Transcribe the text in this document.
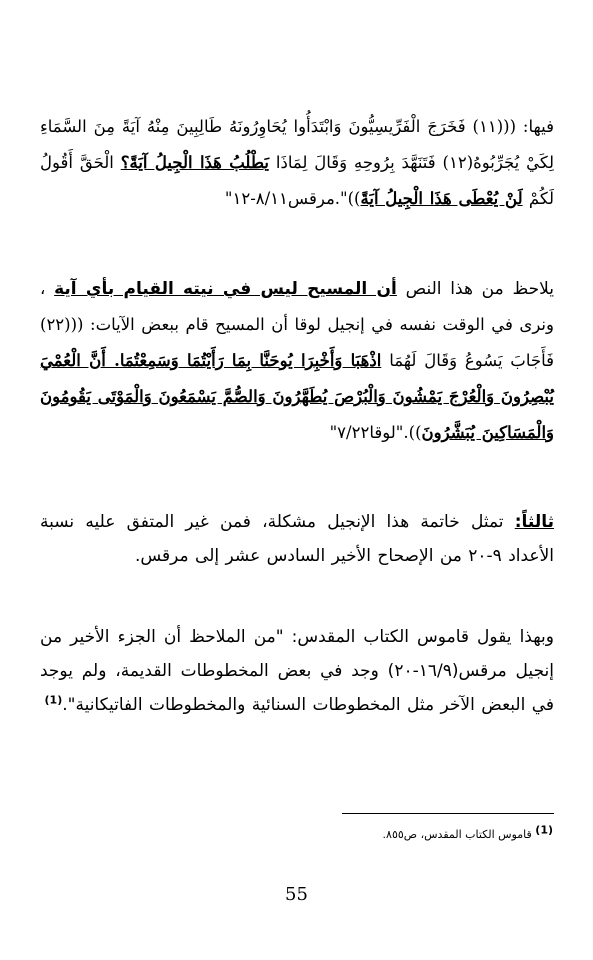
فيها: (((١١) فَخَرَجَ الْفَرِّيسِيُّونَ وَابْتَدَأُوا يُحَاوِرُونَهُ طَالِبِينَ مِنْهُ آيَةً مِنَ السَّمَاءِ لِكَيْ يُجَرِّبُوهُ(١٢) فَتَنَهَّدَ بِرُوحِهِ وَقَالَ لِمَاذَا يَطْلُبُ هَذَا الْجِيلُ آيَةً؟ الْحَقَّ أَقُولُ لَكُمْ لَنْ يُعْطَى هَذَا الْجِيلُ آيَةً))".مرقس٨/١١-١٢"

يلاحظ من هذا النص أن المسيح ليس في نيته القيام بأي آية ، ونرى في الوقت نفسه في إنجيل لوقا أن المسيح قام ببعض الآيات: (((٢٢) فَأَجَابَ يَسُوعُ وَقَالَ لَهُمَا اذْهَبَا وَأَخْبِرَا يُوحَنَّا بِمَا رَأَيْتُمَا وَسَمِعْتُمَا. أَنَّ الْعُمْيَ يُبْصِرُونَ وَالْعُرْجَ يَمْشُونَ وَالْبُرْصَ يُطَهَّرُونَ وَالصُّمَّ يَسْمَعُونَ وَالْمَوْتَى يَقُومُونَ وَالْمَسَاكِينَ يُبَشَّرُونَ))."لوقا٧/٢٢"

ثالثاً: تمثل خاتمة هذا الإنجيل مشكلة، فمن غير المتفق عليه نسبة الأعداد ٩-٢٠ من الإصحاح الأخير السادس عشر إلى مرقس.

وبهذا يقول قاموس الكتاب المقدس: "من الملاحظ أن الجزء الأخير من إنجيل مرقس(١٦/٩-٢٠) وجد في بعض المخطوطات القديمة، ولم يوجد في البعض الآخر مثل المخطوطات السنائية والمخطوطات الفاتيكانية".$^{(1)}$

(1) قاموس الكتاب المقدس، ص٨٥٥.
55
